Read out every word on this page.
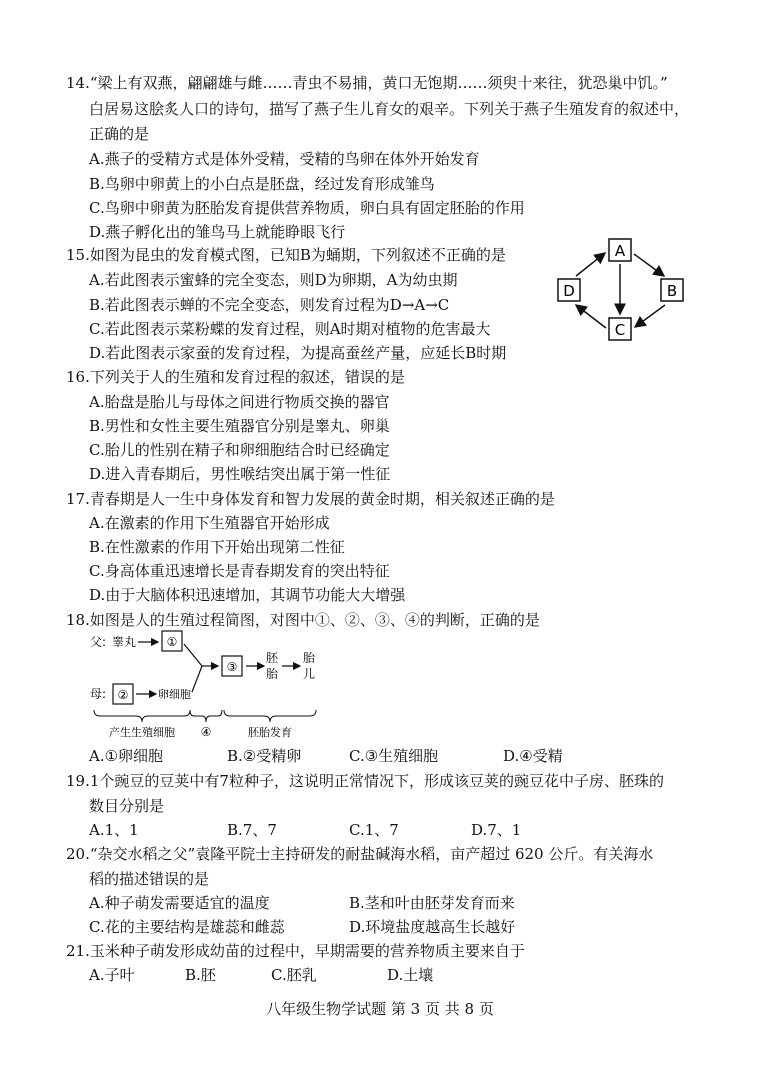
14.“梁上有双燕，翩翩雄与雌……青虫不易捕，黄口无饱期……须臾十来往，犹恐巢中饥。”
白居易这脍炙人口的诗句，描写了燕子生儿育女的艰辛。下列关于燕子生殖发育的叙述中，
正确的是
A.燕子的受精方式是体外受精，受精的鸟卵在体外开始发育
B.鸟卵中卵黄上的小白点是胚盘，经过发育形成雏鸟
C.鸟卵中卵黄为胚胎发育提供营养物质，卵白具有固定胚胎的作用
D.燕子孵化出的雏鸟马上就能睁眼飞行
15.如图为昆虫的发育模式图，已知B为蛹期，下列叙述不正确的是
A.若此图表示蜜蜂的完全变态，则D为卵期，A为幼虫期
B.若此图表示蝉的不完全变态，则发育过程为D→A→C
C.若此图表示菜粉蝶的发育过程，则A时期对植物的危害最大
D.若此图表示家蚕的发育过程，为提高蚕丝产量，应延长B时期
A
B
C
D
16.下列关于人的生殖和发育过程的叙述，错误的是
A.胎盘是胎儿与母体之间进行物质交换的器官
B.男性和女性主要生殖器官分别是睾丸、卵巢
C.胎儿的性别在精子和卵细胞结合时已经确定
D.进入青春期后，男性喉结突出属于第一性征
17.青春期是人一生中身体发育和智力发展的黄金时期，相关叙述正确的是
A.在激素的作用下生殖器官开始形成
B.在性激素的作用下开始出现第二性征
C.身高体重迅速增长是青春期发育的突出特征
D.由于大脑体积迅速增加，其调节功能大大增强
18.如图是人的生殖过程简图，对图中①、②、③、④的判断，正确的是
父: 睾丸	①
母: ②	卵细胞
③
胚
胎
胎
儿
产生生殖细胞 ④	胚胎发育
A.①卵细胞	B.②受精卵	C.③生殖细胞	D.④受精
19.1个豌豆的豆荚中有7粒种子，这说明正常情况下，形成该豆荚的豌豆花中子房、胚珠的
数目分别是
A.1、1	B.7、7	C.1、7	D.7、1
20.“杂交水稻之父”袁隆平院士主持研发的耐盐碱海水稻，亩产超过 620 公斤。有关海水
稻的描述错误的是
A.种子萌发需要适宜的温度	B.茎和叶由胚芽发育而来
C.花的主要结构是雄蕊和雌蕊	D.环境盐度越高生长越好
21.玉米种子萌发形成幼苗的过程中，早期需要的营养物质主要来自于
A.子叶	B.胚	C.胚乳	D.土壤
八年级生物学试题 第 3 页 共 8 页
